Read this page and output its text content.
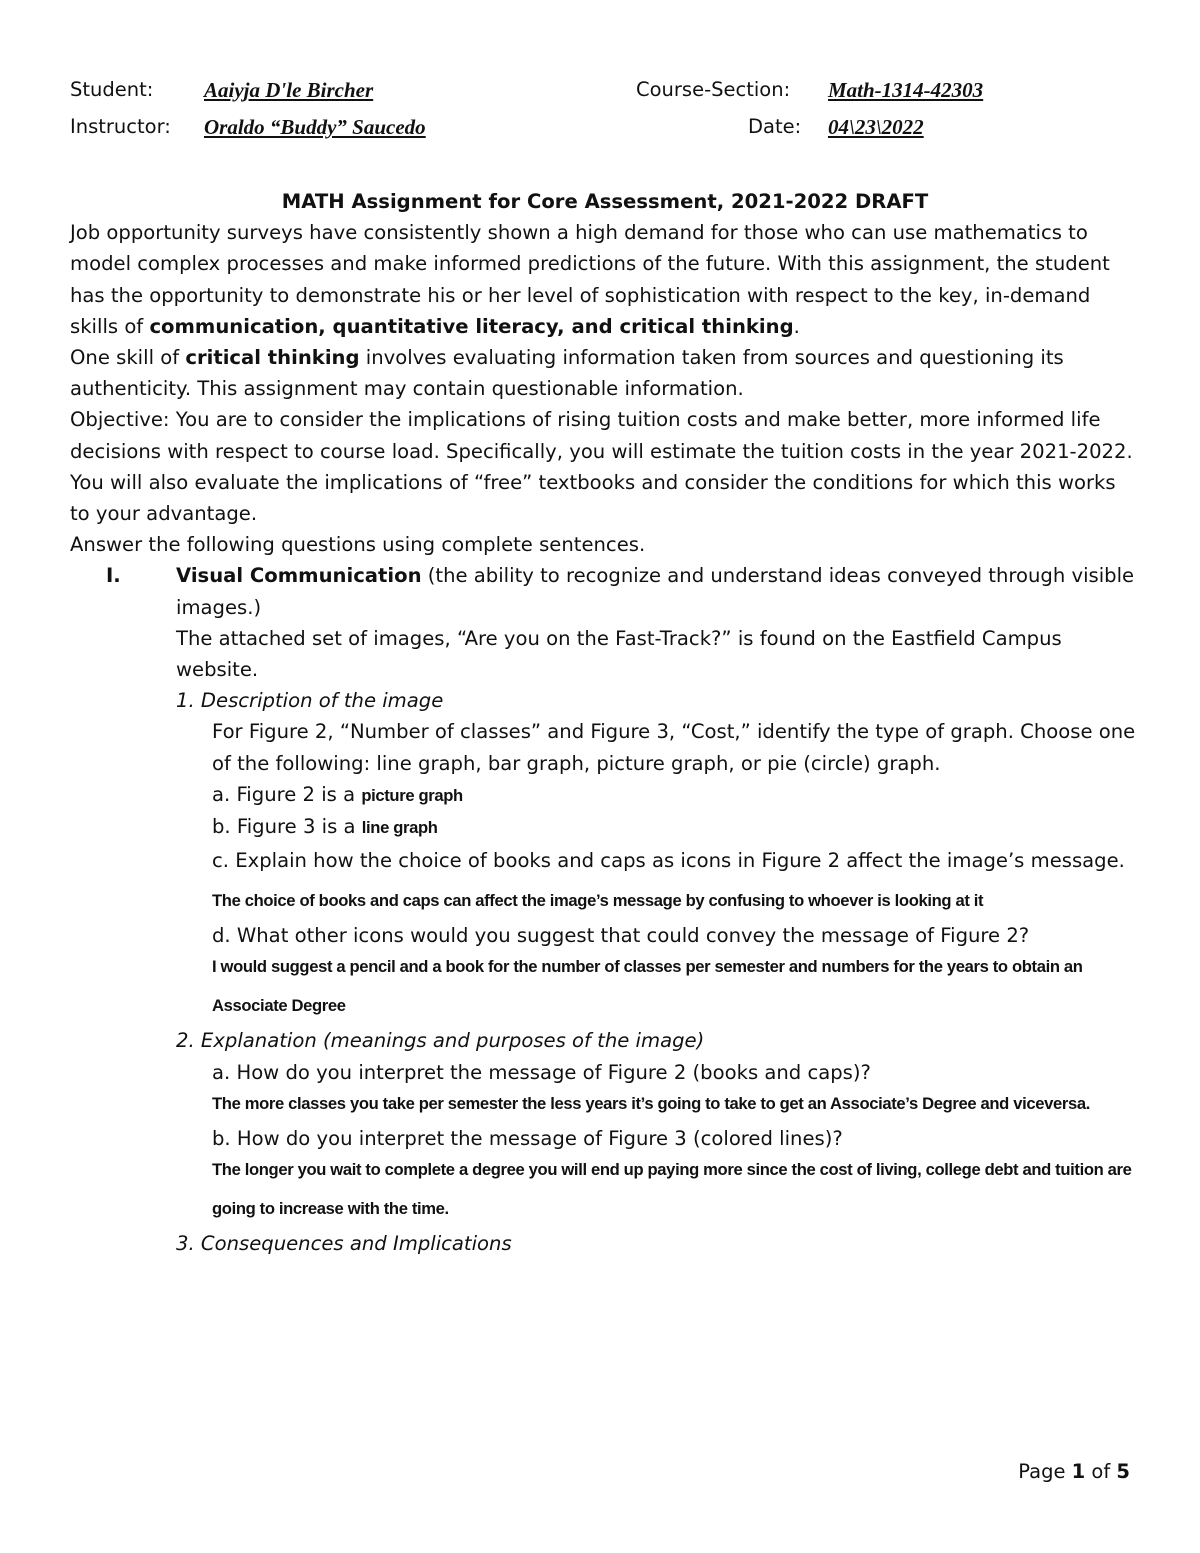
Student: Aaiyja D'le Bircher	Course-Section: Math-1314-42303
Instructor: Oraldo “Buddy” Saucedo	Date: 04\23\2022

MATH Assignment for Core Assessment, 2021-2022 DRAFT

Job opportunity surveys have consistently shown a high demand for those who can use mathematics to model complex processes and make informed predictions of the future. With this assignment, the student has the opportunity to demonstrate his or her level of sophistication with respect to the key, in-demand skills of communication, quantitative literacy, and critical thinking.

One skill of critical thinking involves evaluating information taken from sources and questioning its authenticity. This assignment may contain questionable information.

Objective: You are to consider the implications of rising tuition costs and make better, more informed life decisions with respect to course load. Specifically, you will estimate the tuition costs in the year 2021-2022. You will also evaluate the implications of “free” textbooks and consider the conditions for which this works to your advantage.

Answer the following questions using complete sentences.

I.	Visual Communication (the ability to recognize and understand ideas conveyed through visible images.)

The attached set of images, “Are you on the Fast-Track?” is found on the Eastfield Campus website.

1. Description of the image

For Figure 2, “Number of classes” and Figure 3, “Cost,” identify the type of graph. Choose one of the following: line graph, bar graph, picture graph, or pie (circle) graph.

a. Figure 2 is a picture graph

b. Figure 3 is a line graph

c. Explain how the choice of books and caps as icons in Figure 2 affect the image’s message. The choice of books and caps can affect the image’s message by confusing to whoever is looking at it

d. What other icons would you suggest that could convey the message of Figure 2?

I would suggest a pencil and a book for the number of classes per semester and numbers for the years to obtain an Associate Degree

2. Explanation (meanings and purposes of the image)

a. How do you interpret the message of Figure 2 (books and caps)?

The more classes you take per semester the less years it’s going to take to get an Associate’s Degree and viceversa.

b. How do you interpret the message of Figure 3 (colored lines)?

The longer you wait to complete a degree you will end up paying more since the cost of living, college debt and tuition are going to increase with the time.

3. Consequences and Implications

Page 1 of 5
